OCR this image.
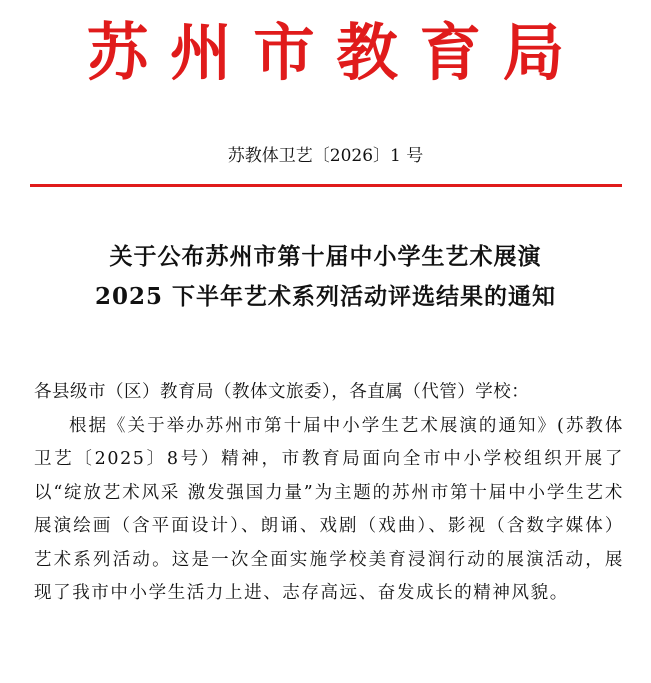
苏州市教育局
苏教体卫艺〔2026〕1 号
关于公布苏州市第十届中小学生艺术展演
2025 下半年艺术系列活动评选结果的通知

各县级市（区）教育局（教体文旅委），各直属（代管）学校：

根据《关于举办苏州市第十届中小学生艺术展演的通知》(苏教体卫艺〔2025〕8号）精神，市教育局面向全市中小学校组织开展了以“绽放艺术风采 激发强国力量”为主题的苏州市第十届中小学生艺术展演绘画（含平面设计）、朗诵、戏剧（戏曲）、影视（含数字媒体）艺术系列活动。这是一次全面实施学校美育浸润行动的展演活动，展现了我市中小学生活力上进、志存高远、奋发成长的精神风貌。
